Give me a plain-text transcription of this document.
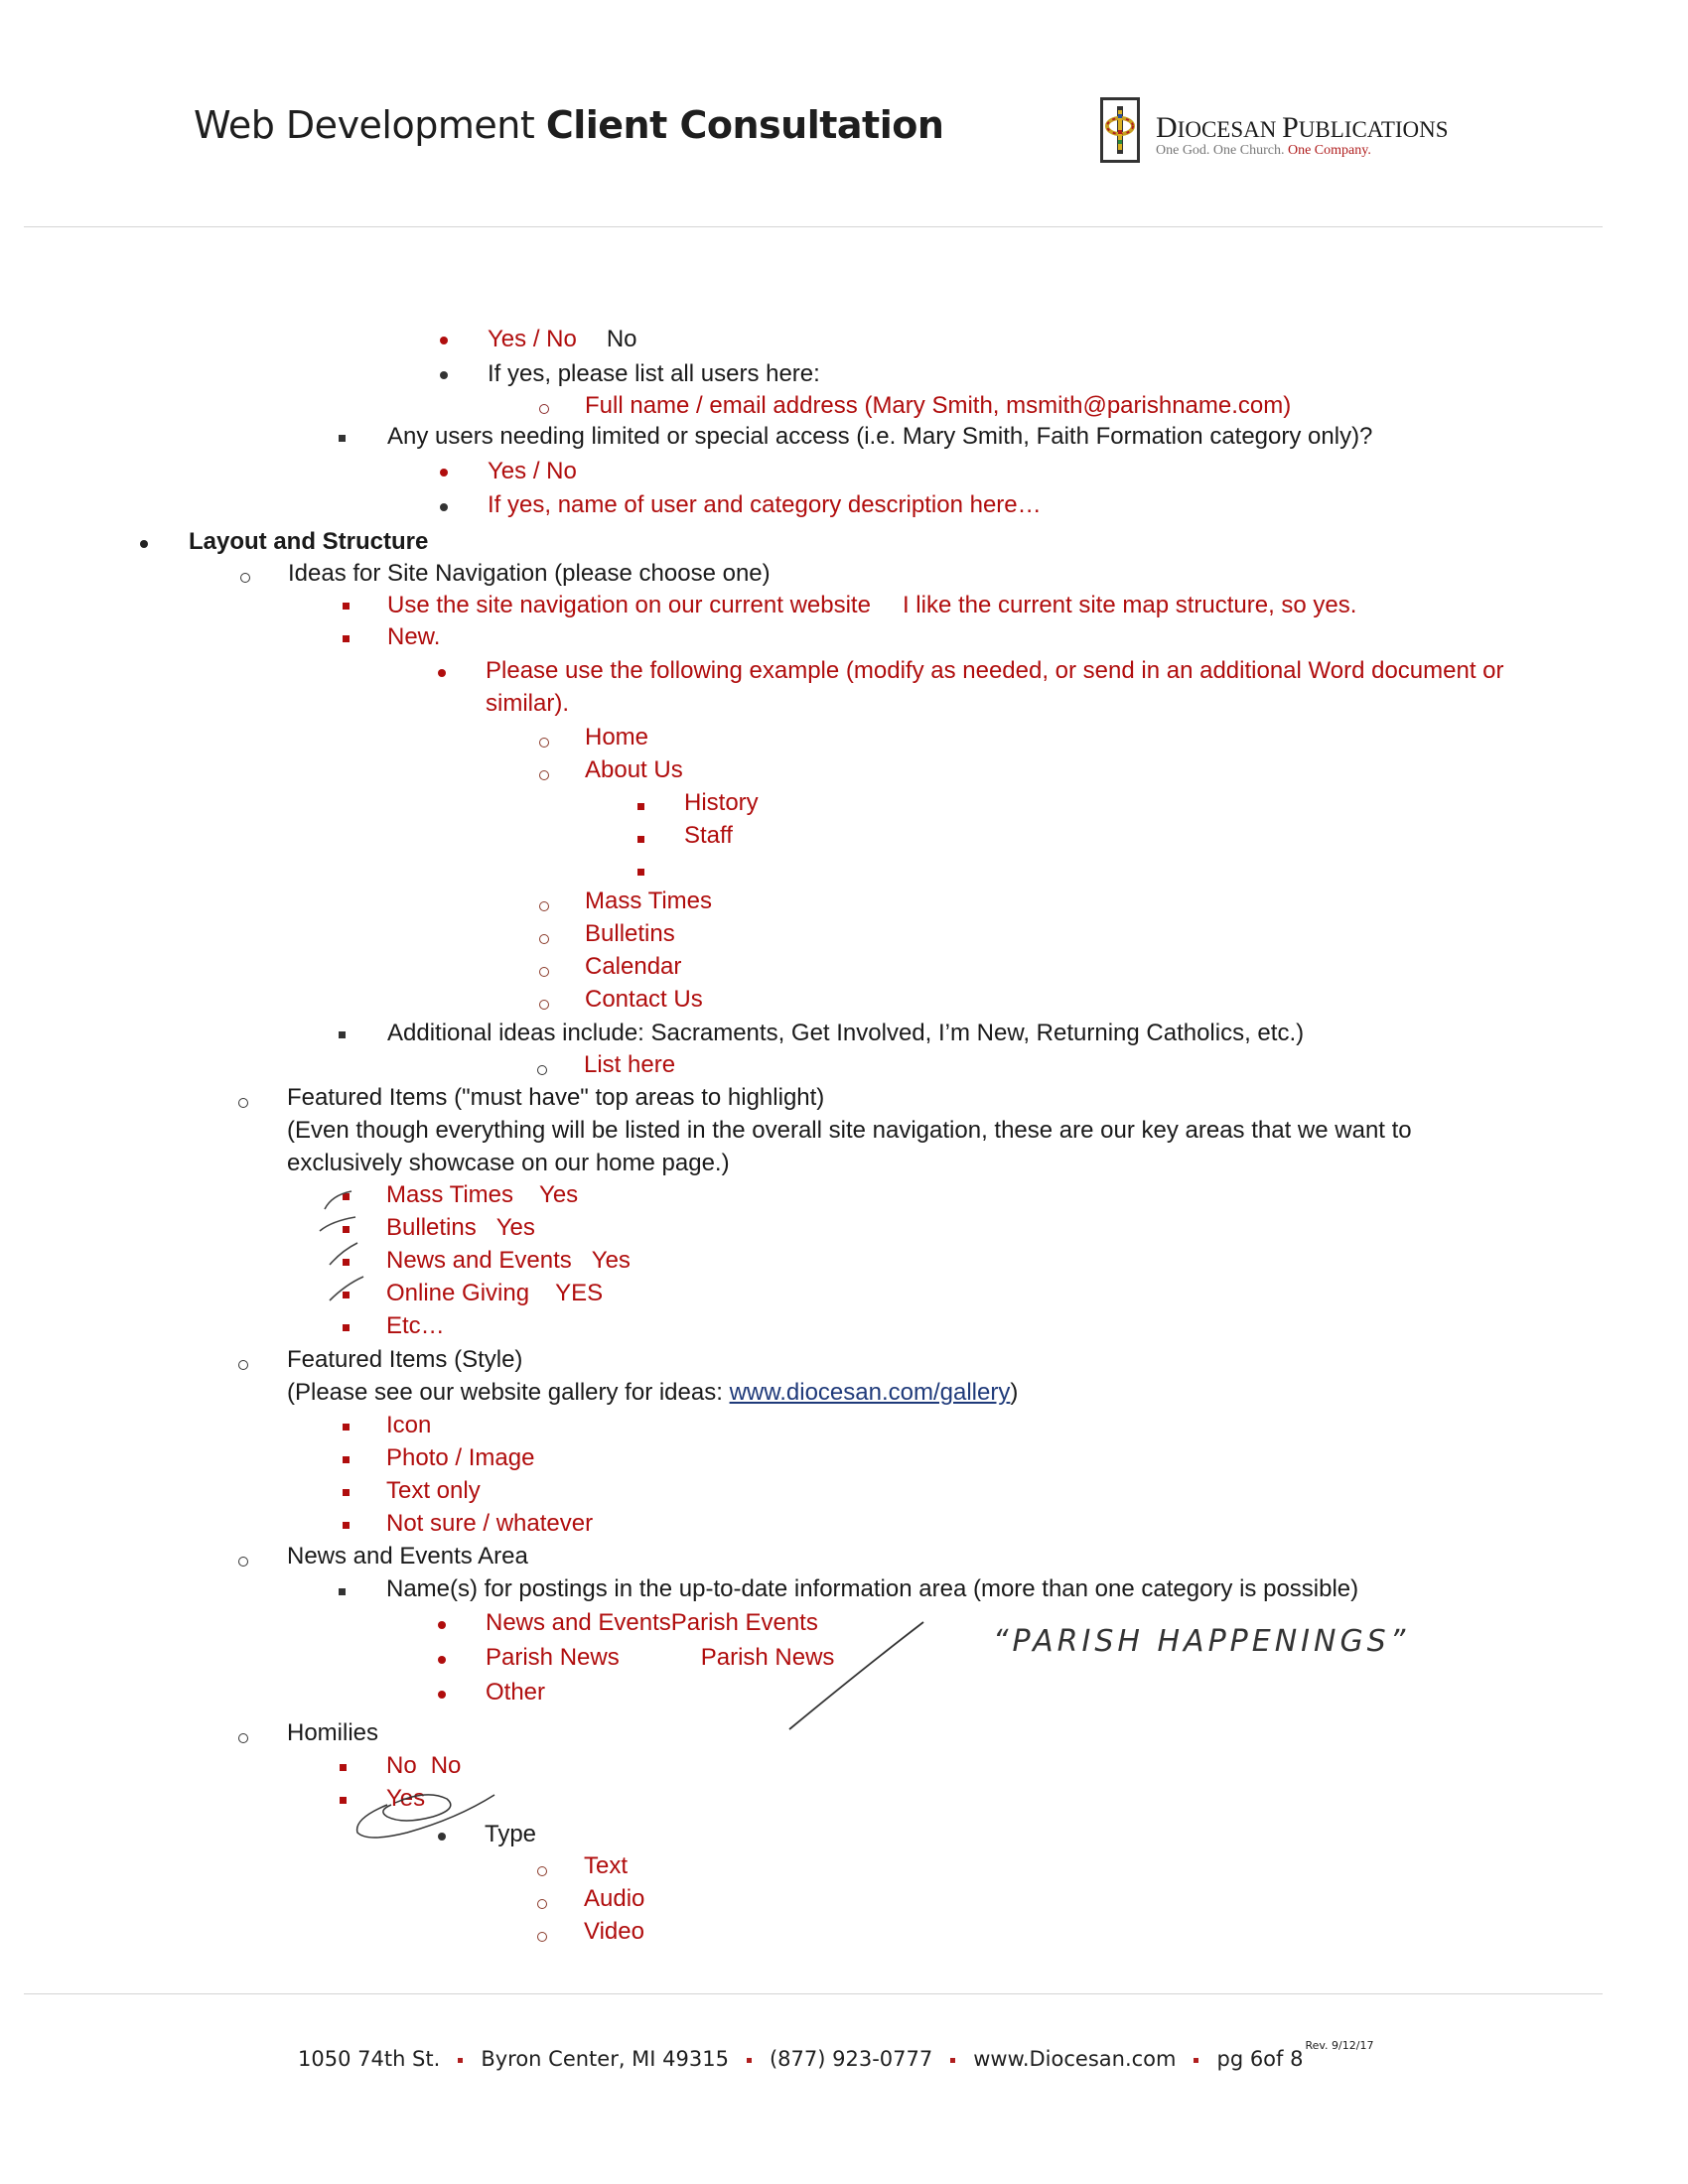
Web Development Client Consultation	DIOCESAN PUBLICATIONS
One God. One Church. One Company.
Yes / No No
If yes, please list all users here:
Full name / email address (Mary Smith, msmith@parishname.com)
Any users needing limited or special access (i.e. Mary Smith, Faith Formation category only)?
Yes / No
If yes, name of user and category description here…
Layout and Structure
Ideas for Site Navigation (please choose one)
Use the site navigation on our current website I like the current site map structure, so yes.
New.
Please use the following example (modify as needed, or send in an additional Word document or
similar).
Home
About Us
History
Staff
Mass Times
Bulletins
Calendar
Contact Us
Additional ideas include: Sacraments, Get Involved, I’m New, Returning Catholics, etc.)
List here
Featured Items ("must have" top areas to highlight)
(Even though everything will be listed in the overall site navigation, these are our key areas that we want to
exclusively showcase on our home page.)
Mass Times Yes
Bulletins Yes
News and Events Yes
Online Giving YES
Etc…
Featured Items (Style)
(Please see our website gallery for ideas: www.diocesan.com/gallery)
Icon
Photo / Image
Text only
Not sure / whatever
News and Events Area
Name(s) for postings in the up-to-date information area (more than one category is possible)
News and EventsParish Events
Parish News	Parish News
Other
“PARISH HAPPENINGS”
Homilies
No No
Yes
Type
Text
Audio
Video
1050 74th St. Byron Center, MI 49315 (877) 923-0777 www.Diocesan.com pg 6of $8^{Rev. 9/12/17}$
